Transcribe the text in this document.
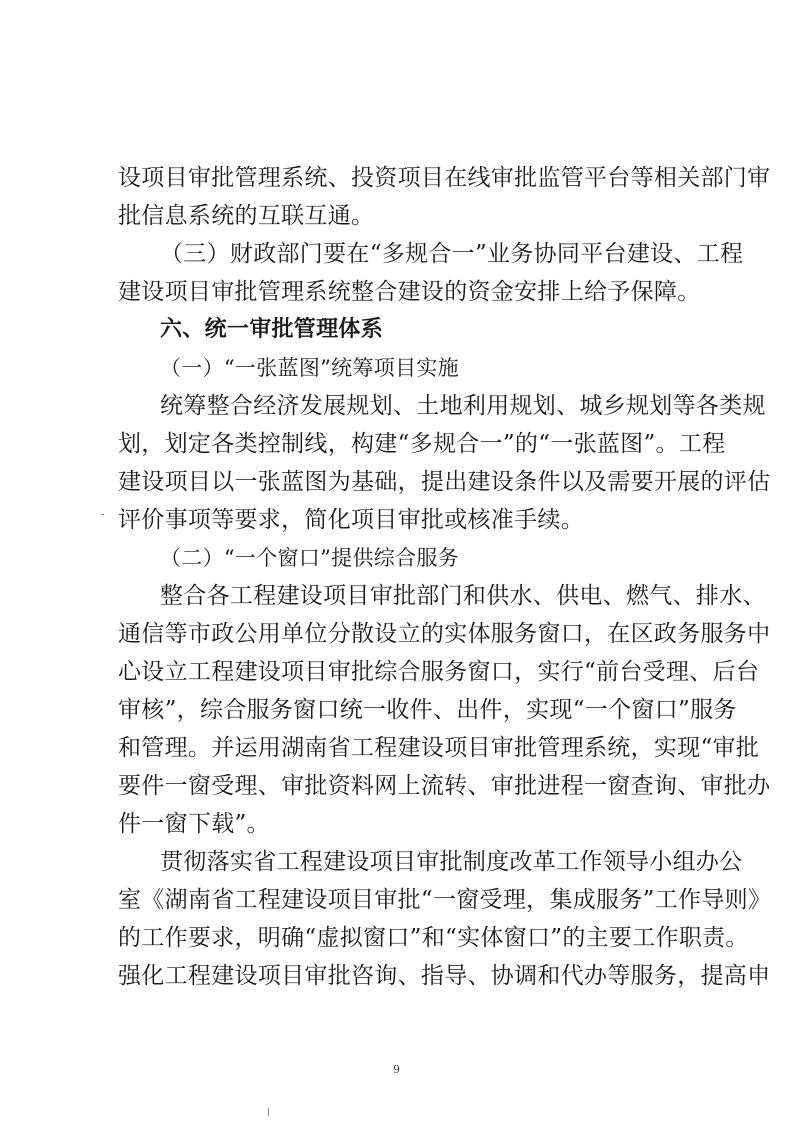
设项目审批管理系统、投资项目在线审批监管平台等相关部门审
批信息系统的互联互通。
（三）财政部门要在“多规合一”业务协同平台建设、工程
建设项目审批管理系统整合建设的资金安排上给予保障。
六、统一审批管理体系
（一）“一张蓝图”统筹项目实施
统筹整合经济发展规划、土地利用规划、城乡规划等各类规
划，划定各类控制线，构建“多规合一”的“一张蓝图”。工程
建设项目以一张蓝图为基础，提出建设条件以及需要开展的评估
评价事项等要求，简化项目审批或核准手续。
（二）“一个窗口”提供综合服务
整合各工程建设项目审批部门和供水、供电、燃气、排水、
通信等市政公用单位分散设立的实体服务窗口，在区政务服务中
心设立工程建设项目审批综合服务窗口，实行“前台受理、后台
审核”，综合服务窗口统一收件、出件，实现“一个窗口”服务
和管理。并运用湖南省工程建设项目审批管理系统，实现“审批
要件一窗受理、审批资料网上流转、审批进程一窗查询、审批办
件一窗下载”。
贯彻落实省工程建设项目审批制度改革工作领导小组办公
室《湖南省工程建设项目审批“一窗受理，集成服务”工作导则》
的工作要求，明确“虚拟窗口”和“实体窗口”的主要工作职责。
强化工程建设项目审批咨询、指导、协调和代办等服务，提高申
9
